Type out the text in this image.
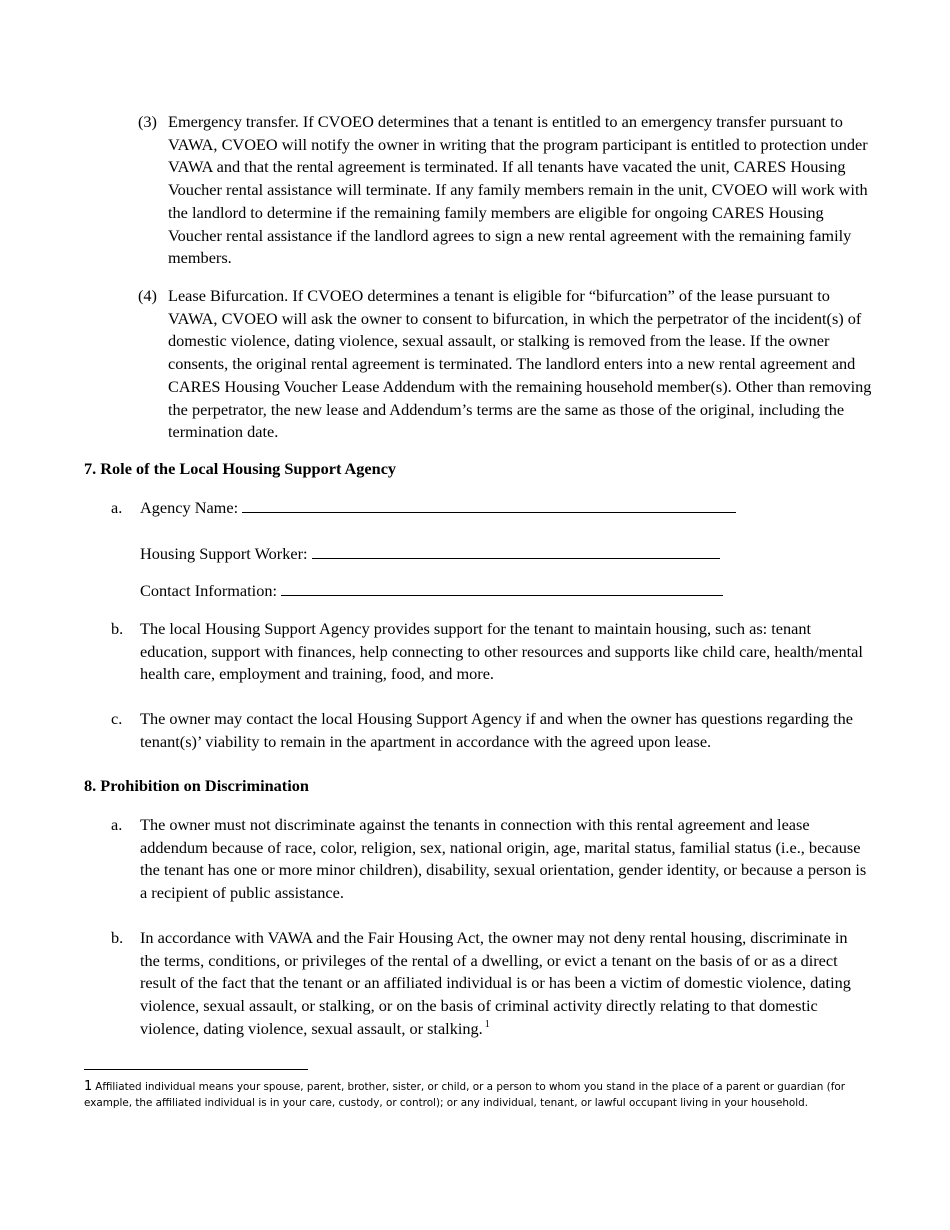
(3) Emergency transfer. If CVOEO determines that a tenant is entitled to an emergency transfer pursuant to VAWA, CVOEO will notify the owner in writing that the program participant is entitled to protection under VAWA and that the rental agreement is terminated. If all tenants have vacated the unit, CARES Housing Voucher rental assistance will terminate. If any family members remain in the unit, CVOEO will work with the landlord to determine if the remaining family members are eligible for ongoing CARES Housing Voucher rental assistance if the landlord agrees to sign a new rental agreement with the remaining family members.
(4) Lease Bifurcation. If CVOEO determines a tenant is eligible for “bifurcation” of the lease pursuant to VAWA, CVOEO will ask the owner to consent to bifurcation, in which the perpetrator of the incident(s) of domestic violence, dating violence, sexual assault, or stalking is removed from the lease. If the owner consents, the original rental agreement is terminated. The landlord enters into a new rental agreement and CARES Housing Voucher Lease Addendum with the remaining household member(s). Other than removing the perpetrator, the new lease and Addendum’s terms are the same as those of the original, including the termination date.
7. Role of the Local Housing Support Agency
a. Agency Name:
Housing Support Worker:
Contact Information:
b. The local Housing Support Agency provides support for the tenant to maintain housing, such as: tenant education, support with finances, help connecting to other resources and supports like child care, health/mental health care, employment and training, food, and more.
c. The owner may contact the local Housing Support Agency if and when the owner has questions regarding the tenant(s)’ viability to remain in the apartment in accordance with the agreed upon lease.
8. Prohibition on Discrimination
a. The owner must not discriminate against the tenants in connection with this rental agreement and lease addendum because of race, color, religion, sex, national origin, age, marital status, familial status (i.e., because the tenant has one or more minor children), disability, sexual orientation, gender identity, or because a person is a recipient of public assistance.
b. In accordance with VAWA and the Fair Housing Act, the owner may not deny rental housing, discriminate in the terms, conditions, or privileges of the rental of a dwelling, or evict a tenant on the basis of or as a direct result of the fact that the tenant or an affiliated individual is or has been a victim of domestic violence, dating violence, sexual assault, or stalking, or on the basis of criminal activity directly relating to that domestic violence, dating violence, sexual assault, or stalking. $^1$
1 Affiliated individual means your spouse, parent, brother, sister, or child, or a person to whom you stand in the place of a parent or guardian (for example, the affiliated individual is in your care, custody, or control); or any individual, tenant, or lawful occupant living in your household.
